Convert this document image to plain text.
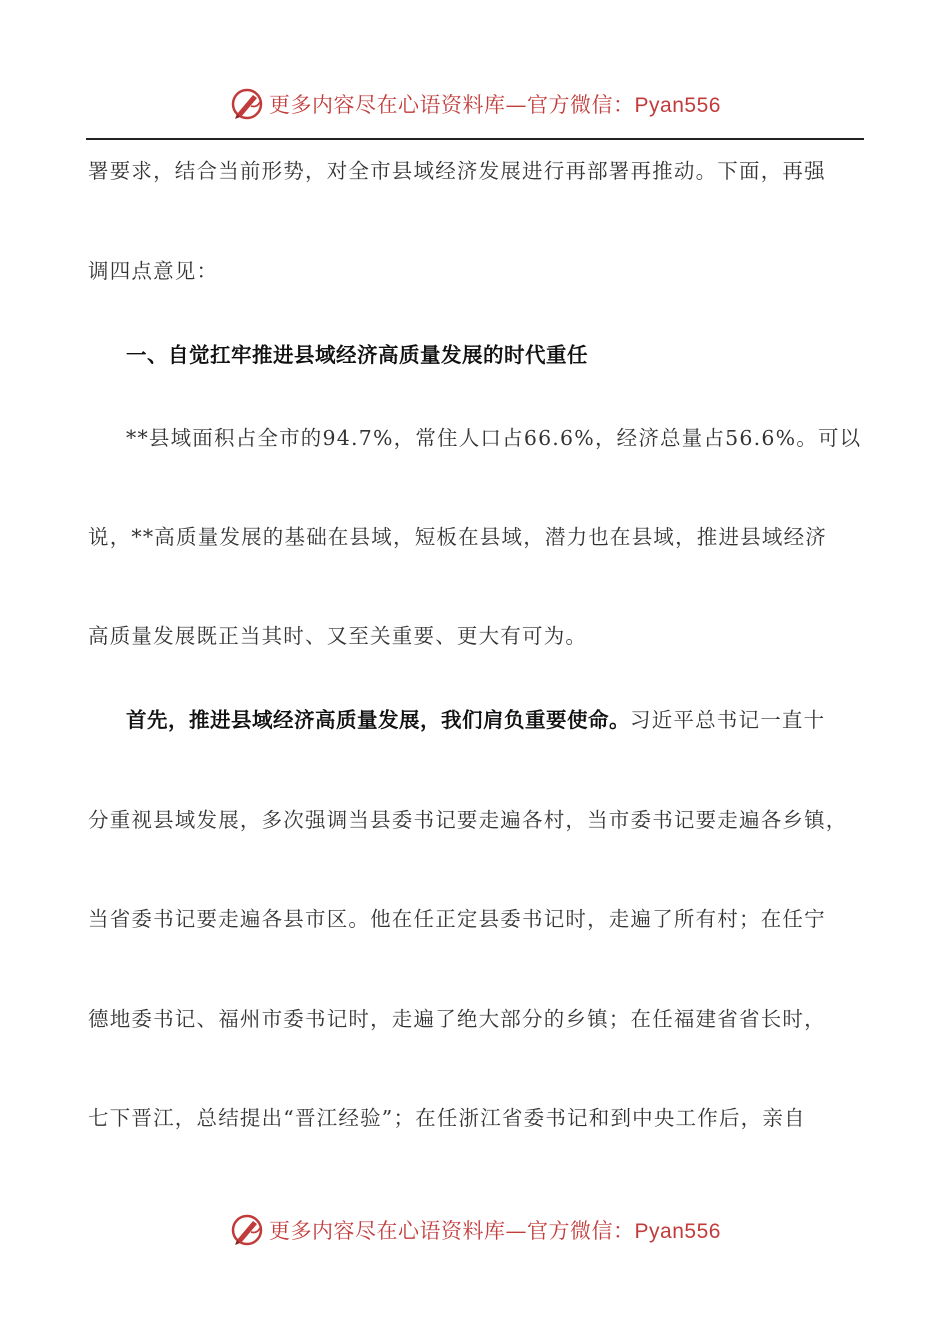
更多内容尽在心语资料库—官方微信：Pyan556
署要求，结合当前形势，对全市县域经济发展进行再部署再推动。下面，再强
调四点意见：
一、自觉扛牢推进县域经济高质量发展的时代重任
**县域面积占全市的94.7%，常住人口占66.6%，经济总量占56.6%。可以
说，**高质量发展的基础在县域，短板在县域，潜力也在县域，推进县域经济
高质量发展既正当其时、又至关重要、更大有可为。
首先，推进县域经济高质量发展，我们肩负重要使命。习近平总书记一直十
分重视县域发展，多次强调当县委书记要走遍各村，当市委书记要走遍各乡镇，
当省委书记要走遍各县市区。他在任正定县委书记时，走遍了所有村；在任宁
德地委书记、福州市委书记时，走遍了绝大部分的乡镇；在任福建省省长时，
七下晋江，总结提出“晋江经验”；在任浙江省委书记和到中央工作后，亲自
更多内容尽在心语资料库—官方微信：Pyan556
